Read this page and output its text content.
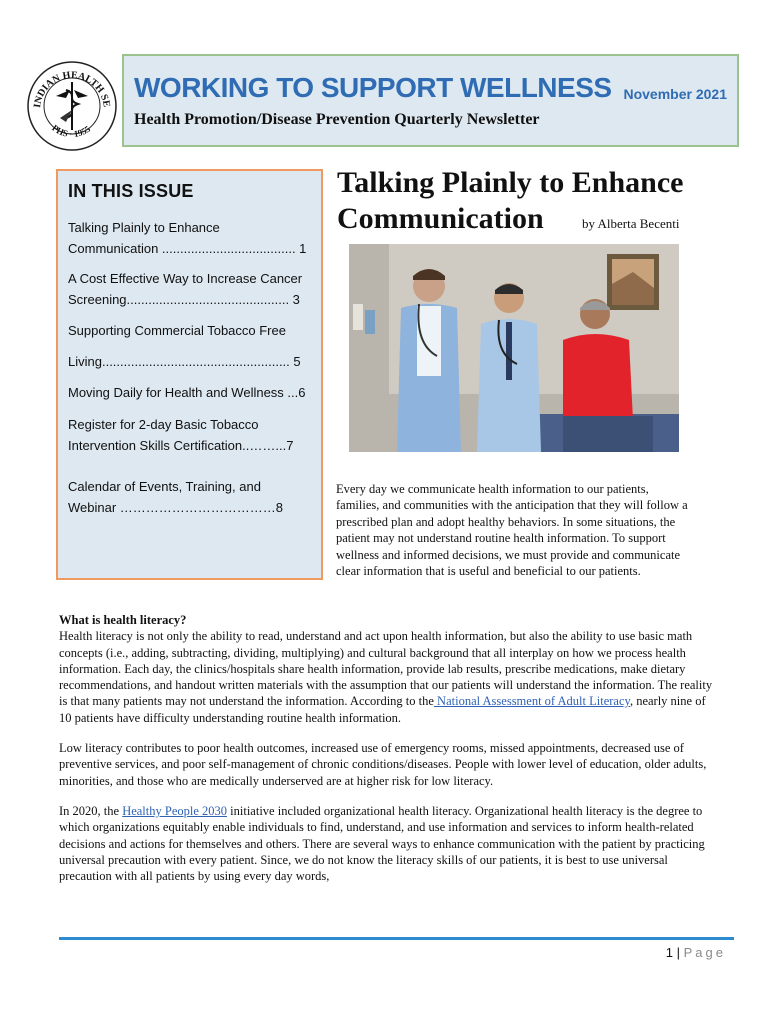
INDIAN HEALTH SE
PHS · 1955
WORKING TO SUPPORT WELLNESS November 2021
Health Promotion/Disease Prevention Quarterly Newsletter
IN THIS ISSUE
Talking Plainly to Enhance
Communication ..................................... 1
A Cost Effective Way to Increase Cancer
Screening............................................. 3
Supporting Commercial Tobacco Free
Living.................................................... 5
Moving Daily for Health and Wellness ...6
Register for 2-day Basic Tobacco
Intervention Skills Certification..……...7
Calendar of Events, Training, and
Webinar ………………………………8
Talking Plainly to Enhance
Communication	by Alberta Becenti
Every day we communicate health information to our patients, families, and communities with the anticipation that they will follow a prescribed plan and adopt healthy behaviors. In some situations, the patient may not understand routine health information. To support wellness and informed decisions, we must provide and communicate clear information that is useful and beneficial to our patients.

What is health literacy?

Health literacy is not only the ability to read, understand and act upon health information, but also the ability to use basic math concepts (i.e., adding, subtracting, dividing, multiplying) and cultural background that all interplay on how we process health information. Each day, the clinics/hospitals share health information, provide lab results, prescribe medications, make dietary recommendations, and handout written materials with the assumption that our patients will understand the information. The reality is that many patients may not understand the information. According to the National Assessment of Adult Literacy, nearly nine of 10 patients have difficulty understanding routine health information.

Low literacy contributes to poor health outcomes, increased use of emergency rooms, missed appointments, decreased use of preventive services, and poor self-management of chronic conditions/diseases. People with lower level of education, older adults, minorities, and those who are medically underserved are at higher risk for low literacy.

In 2020, the Healthy People 2030 initiative included organizational health literacy. Organizational health literacy is the degree to which organizations equitably enable individuals to find, understand, and use information and services to inform health-related decisions and actions for themselves and others. There are several ways to enhance communication with the patient by practicing universal precaution with every patient. Since, we do not know the literacy skills of our patients, it is best to use universal precaution with all patients by using every day words,

1 | Page
